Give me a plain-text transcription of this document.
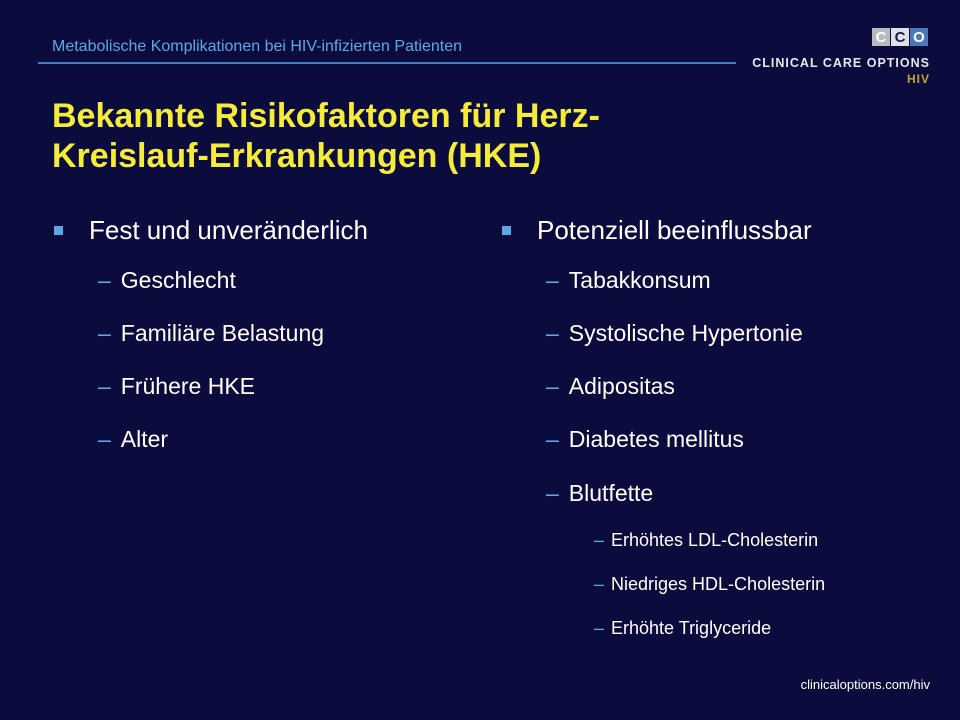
Metabolische Komplikationen bei HIV-infizierten Patienten
C C O
CLINICAL CARE OPTIONS
HIV
Bekannte Risikofaktoren für Herz-
Kreislauf-Erkrankungen (HKE)
Fest und unveränderlich
– Geschlecht
– Familiäre Belastung
– Frühere HKE
– Alter
Potenziell beeinflussbar
– Tabakkonsum
– Systolische Hypertonie
– Adipositas
– Diabetes mellitus
– Blutfette
– Erhöhtes LDL-Cholesterin
– Niedriges HDL-Cholesterin
– Erhöhte Triglyceride
clinicaloptions.com/hiv
